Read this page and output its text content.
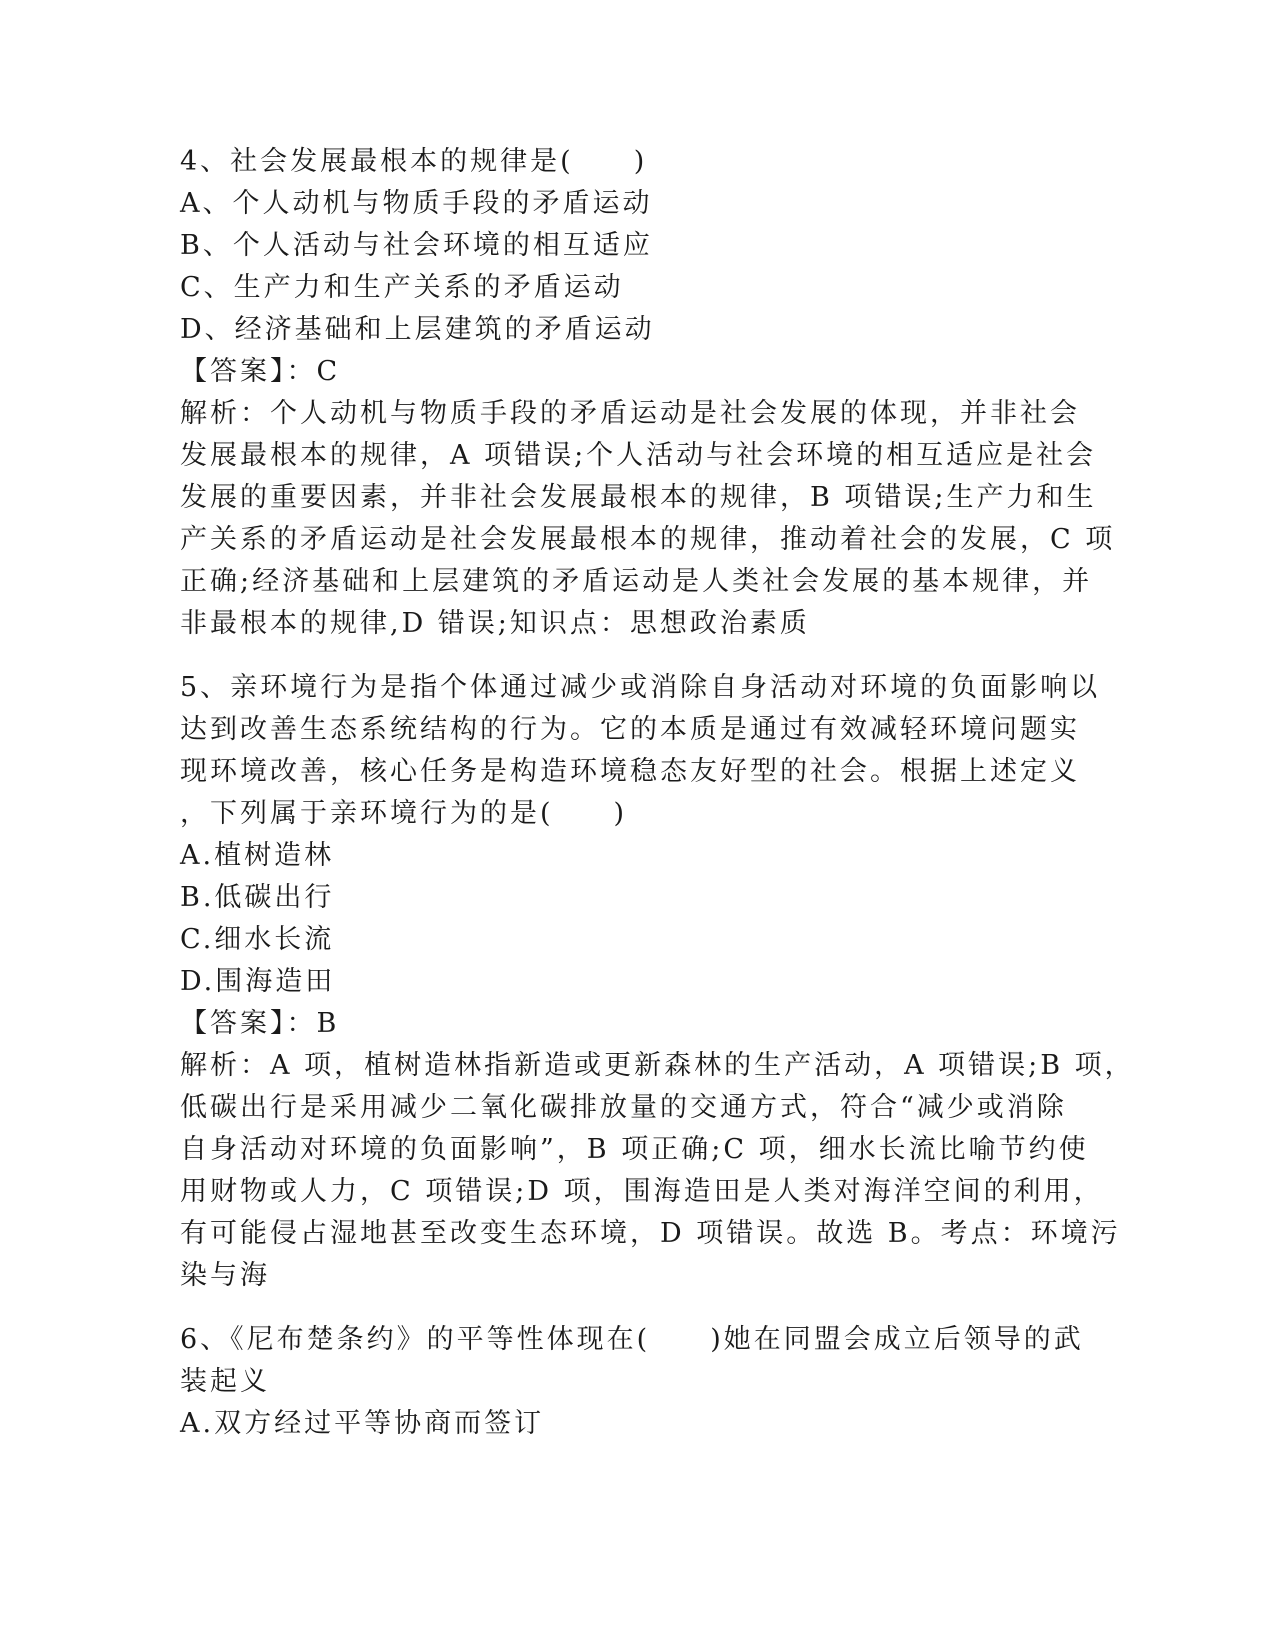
4、社会发展最根本的规律是(　　)
A、个人动机与物质手段的矛盾运动
B、个人活动与社会环境的相互适应
C、生产力和生产关系的矛盾运动
D、经济基础和上层建筑的矛盾运动
【答案】：C
解析：个人动机与物质手段的矛盾运动是社会发展的体现，并非社会
发展最根本的规律，A 项错误;个人活动与社会环境的相互适应是社会
发展的重要因素，并非社会发展最根本的规律，B 项错误;生产力和生
产关系的矛盾运动是社会发展最根本的规律，推动着社会的发展，C 项
正确;经济基础和上层建筑的矛盾运动是人类社会发展的基本规律，并
非最根本的规律,D 错误;知识点：思想政治素质
5、亲环境行为是指个体通过减少或消除自身活动对环境的负面影响以
达到改善生态系统结构的行为。它的本质是通过有效减轻环境问题实
现环境改善，核心任务是构造环境稳态友好型的社会。根据上述定义
，下列属于亲环境行为的是(　　)
A.植树造林
B.低碳出行
C.细水长流
D.围海造田
【答案】：B
解析：A 项，植树造林指新造或更新森林的生产活动，A 项错误;B 项，
低碳出行是采用减少二氧化碳排放量的交通方式，符合“减少或消除
自身活动对环境的负面影响”，B 项正确;C 项，细水长流比喻节约使
用财物或人力，C 项错误;D 项，围海造田是人类对海洋空间的利用，
有可能侵占湿地甚至改变生态环境，D 项错误。故选 B。考点：环境污
染与海
6、《尼布楚条约》的平等性体现在(　　)她在同盟会成立后领导的武
装起义
A.双方经过平等协商而签订
